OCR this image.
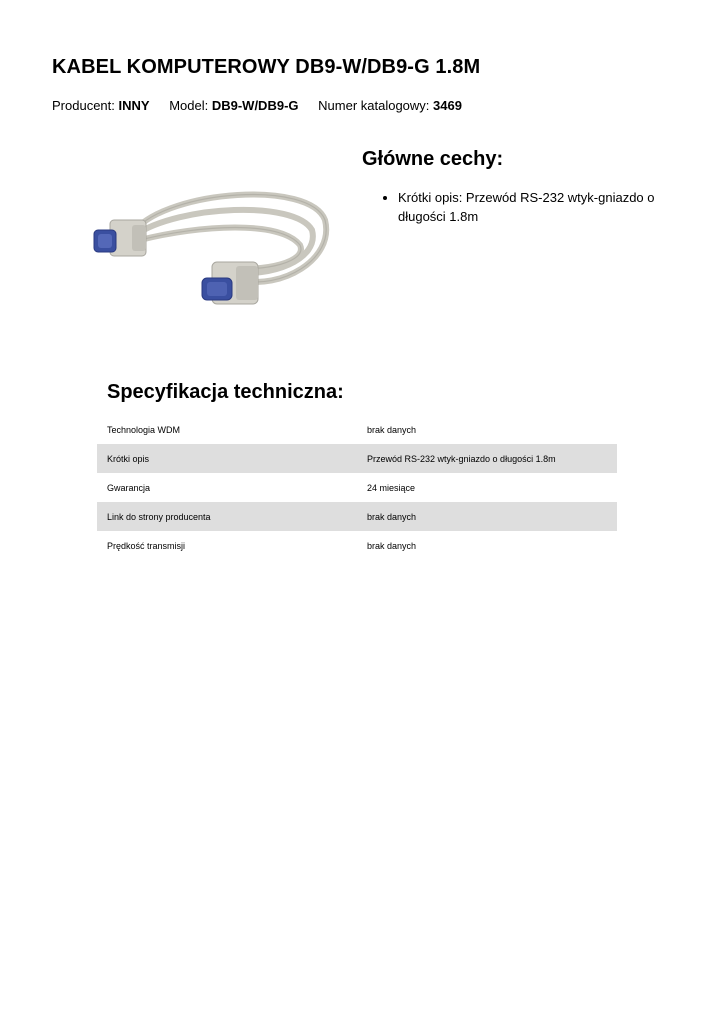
KABEL KOMPUTEROWY DB9-W/DB9-G 1.8M
Producent: INNY Model: DB9-W/DB9-G Numer katalogowy: 3469
Główne cechy:
• Krótki opis: Przewód RS-232 wtyk-gniazdo o długości 1.8m
Specyfikacja techniczna:
Technologia WDM	brak danych
Krótki opis	Przewód RS-232 wtyk-gniazdo o długości 1.8m
Gwarancja	24 miesiące
Link do strony producenta	brak danych
Prędkość transmisji	brak danych
